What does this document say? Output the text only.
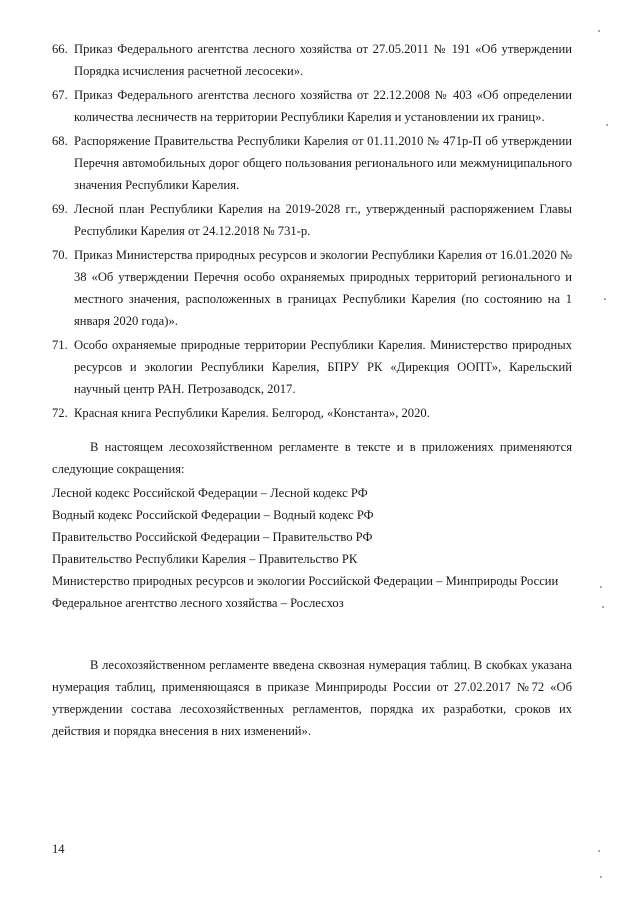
66. Приказ Федерального агентства лесного хозяйства от 27.05.2011 № 191 «Об утверждении Порядка исчисления расчетной лесосеки».
67. Приказ Федерального агентства лесного хозяйства от 22.12.2008 № 403 «Об определении количества лесничеств на территории Республики Карелия и установлении их границ».
68. Распоряжение Правительства Республики Карелия от 01.11.2010 № 471р-П об утверждении Перечня автомобильных дорог общего пользования регионального или межмуниципального значения Республики Карелия.
69. Лесной план Республики Карелия на 2019-2028 гг., утвержденный распоряжением Главы Республики Карелия от 24.12.2018 № 731-р.
70. Приказ Министерства природных ресурсов и экологии Республики Карелия от 16.01.2020 № 38 «Об утверждении Перечня особо охраняемых природных территорий регионального и местного значения, расположенных в границах Республики Карелия (по состоянию на 1 января 2020 года)».
71. Особо охраняемые природные территории Республики Карелия. Министерство природных ресурсов и экологии Республики Карелия, БПРУ РК «Дирекция ООПТ», Карельский научный центр РАН. Петрозаводск, 2017.
72. Красная книга Республики Карелия. Белгород, «Константа», 2020.

В настоящем лесохозяйственном регламенте в тексте и в приложениях применяются следующие сокращения:

Лесной кодекс Российской Федерации – Лесной кодекс РФ

Водный кодекс Российской Федерации – Водный кодекс РФ

Правительство Российской Федерации – Правительство РФ

Правительство Республики Карелия – Правительство РК

Министерство природных ресурсов и экологии Российской Федерации – Минприроды России

Федеральное агентство лесного хозяйства – Рослесхоз

В лесохозяйственном регламенте введена сквозная нумерация таблиц. В скобках указана нумерация таблиц, применяющаяся в приказе Минприроды России от 27.02.2017 №72 «Об утверждении состава лесохозяйственных регламентов, порядка их разработки, сроков их действия и порядка внесения в них изменений».

14
